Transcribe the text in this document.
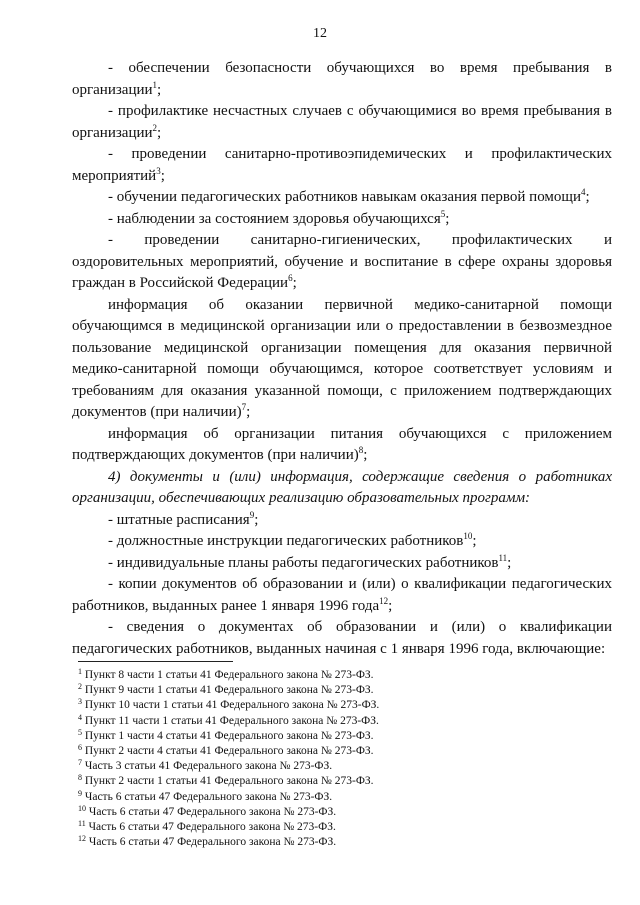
12

- обеспечении безопасности обучающихся во время пребывания в организации$^1$;

- профилактике несчастных случаев с обучающимися во время пребывания в организации$^2$;

- проведении санитарно-противоэпидемических и профилактических мероприятий$^3$;

- обучении педагогических работников навыкам оказания первой помощи$^4$;

- наблюдении за состоянием здоровья обучающихся$^5$;

- проведении санитарно-гигиенических, профилактических и оздоровительных мероприятий, обучение и воспитание в сфере охраны здоровья граждан в Российской Федерации$^6$;

информация об оказании первичной медико-санитарной помощи обучающимся в медицинской организации или о предоставлении в безвозмездное пользование медицинской организации помещения для оказания первичной медико-санитарной помощи обучающимся, которое соответствует условиям и требованиям для оказания указанной помощи, с приложением подтверждающих документов (при наличии)$^7$;

информация об организации питания обучающихся с приложением подтверждающих документов (при наличии)$^8$;

4) документы и (или) информация, содержащие сведения о работниках организации, обеспечивающих реализацию образовательных программ:

- штатные расписания$^9$;

- должностные инструкции педагогических работников$^{10}$;

- индивидуальные планы работы педагогических работников$^{11}$;

- копии документов об образовании и (или) о квалификации педагогических работников, выданных ранее 1 января 1996 года$^{12}$;

- сведения о документах об образовании и (или) о квалификации педагогических работников, выданных начиная с 1 января 1996 года, включающие:

$^1$ Пункт 8 части 1 статьи 41 Федерального закона № 273-ФЗ.

$^2$ Пункт 9 части 1 статьи 41 Федерального закона № 273-ФЗ.

$^3$ Пункт 10 части 1 статьи 41 Федерального закона № 273-ФЗ.

$^4$ Пункт 11 части 1 статьи 41 Федерального закона № 273-ФЗ.

$^5$ Пункт 1 части 4 статьи 41 Федерального закона № 273-ФЗ.

$^6$ Пункт 2 части 4 статьи 41 Федерального закона № 273-ФЗ.

$^7$ Часть 3 статьи 41 Федерального закона № 273-ФЗ.

$^8$ Пункт 2 части 1 статьи 41 Федерального закона № 273-ФЗ.

$^9$ Часть 6 статьи 47 Федерального закона № 273-ФЗ.

$^{10}$ Часть 6 статьи 47 Федерального закона № 273-ФЗ.

$^{11}$ Часть 6 статьи 47 Федерального закона № 273-ФЗ.

$^{12}$ Часть 6 статьи 47 Федерального закона № 273-ФЗ.
